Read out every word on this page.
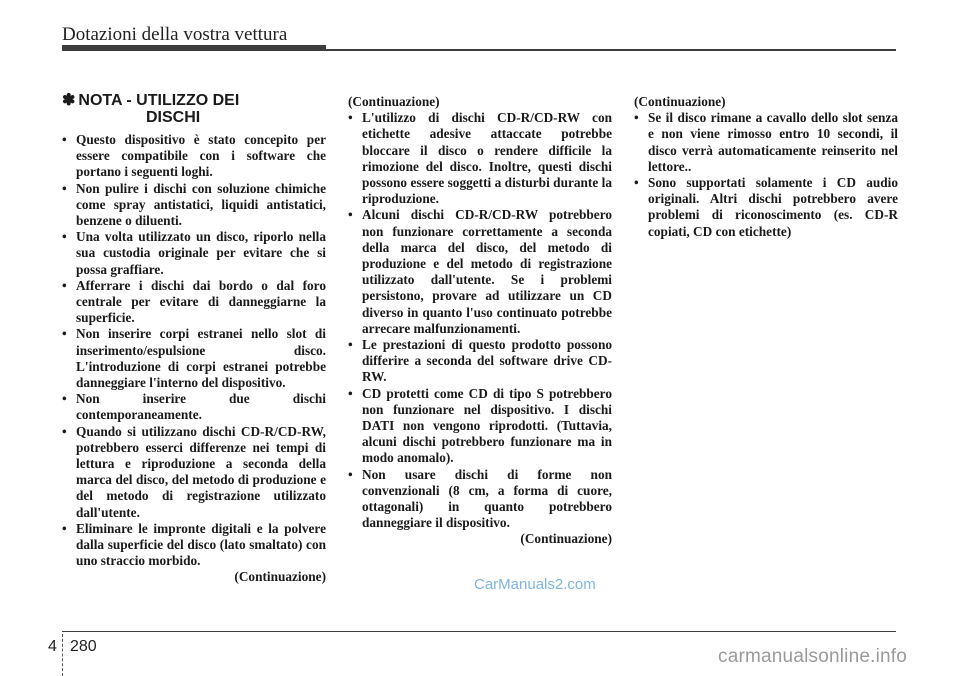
Dotazioni della vostra vettura
✽ NOTA - UTILIZZO DEI
DISCHI
• Questo dispositivo è stato concepito per essere compatibile con i software che portano i seguenti loghi.
• Non pulire i dischi con soluzione chimiche come spray antistatici, liquidi antistatici, benzene o diluenti.
• Una volta utilizzato un disco, riporlo nella sua custodia originale per evitare che si possa graffiare.
• Afferrare i dischi dai bordo o dal foro centrale per evitare di danneggiarne la superficie.
• Non inserire corpi estranei nello slot di inserimento/espulsione disco. L'introduzione di corpi estranei potrebbe danneggiare l'interno del dispositivo.
• Non inserire due dischi contemporaneamente.
• Quando si utilizzano dischi CD-R/CD-RW, potrebbero esserci differenze nei tempi di lettura e riproduzione a seconda della marca del disco, del metodo di produzione e del metodo di registrazione utilizzato dall'utente.
• Eliminare le impronte digitali e la polvere dalla superficie del disco (lato smaltato) con uno straccio morbido.
(Continuazione)
(Continuazione)
• L'utilizzo di dischi CD-R/CD-RW con etichette adesive attaccate potrebbe bloccare il disco o rendere difficile la rimozione del disco. Inoltre, questi dischi possono essere soggetti a disturbi durante la riproduzione.
• Alcuni dischi CD-R/CD-RW potrebbero non funzionare correttamente a seconda della marca del disco, del metodo di produzione e del metodo di registrazione utilizzato dall'utente. Se i problemi persistono, provare ad utilizzare un CD diverso in quanto l'uso continuato potrebbe arrecare malfunzionamenti.
• Le prestazioni di questo prodotto possono differire a seconda del software drive CD-RW.
• CD protetti come CD di tipo S potrebbero non funzionare nel dispositivo. I dischi DATI non vengono riprodotti. (Tuttavia, alcuni dischi potrebbero funzionare ma in modo anomalo).
• Non usare dischi di forme non convenzionali (8 cm, a forma di cuore, ottagonali) in quanto potrebbero danneggiare il dispositivo.
(Continuazione)
(Continuazione)
• Se il disco rimane a cavallo dello slot senza e non viene rimosso entro 10 secondi, il disco verrà automaticamente reinserito nel lettore..
• Sono supportati solamente i CD audio originali. Altri dischi potrebbero avere problemi di riconoscimento (es. CD-R copiati, CD con etichette)
CarManuals2.com
4 280	carmanualsonline.info
